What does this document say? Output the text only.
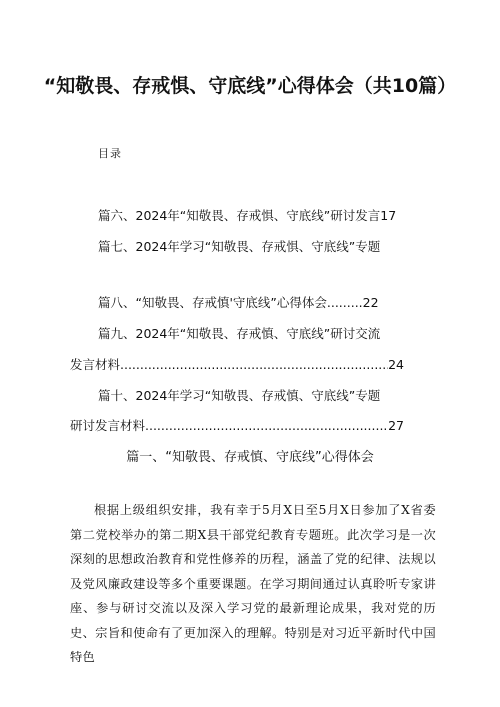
“知敬畏、存戒惧、守底线”心得体会（共10篇）
目录
篇六、2024年“知敬畏、存戒惧、守底线”研讨发言17
篇七、2024年学习“知敬畏、存戒惧、守底线”专题
篇八、“知敬畏、存戒慎'守底线”心得体会.........22
篇九、2024年“知敬畏、存戒慎、守底线”研讨交流
发言材料 .....	24
篇十、2024年学习“知敬畏、存戒慎、守底线”专题
研讨发言材料 .....	27
篇一、“知敬畏、存戒慎、守底线”心得体会
根据上级组织安排，我有幸于5月X日至5月X日参加了X省委第二党校举办的第二期X县干部党纪教育专题班。此次学习是一次深刻的思想政治教育和党性修养的历程，涵盖了党的纪律、法规以及党风廉政建设等多个重要课题。在学习期间通过认真聆听专家讲座、参与研讨交流以及深入学习党的最新理论成果，我对党的历史、宗旨和使命有了更加深入的理解。特别是对习近平新时代中国特色
